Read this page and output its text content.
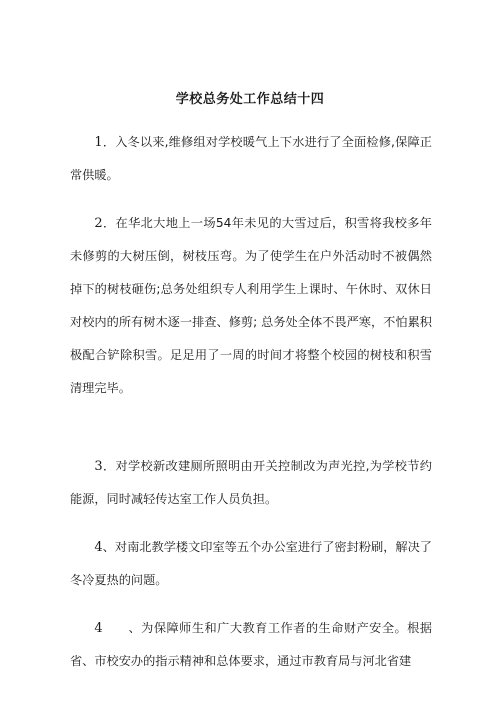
学校总务处工作总结十四

1．入冬以来,维修组对学校暖气上下水进行了全面检修,保障正常供暖。

2．在华北大地上一场54年未见的大雪过后，积雪将我校多年未修剪的大树压倒，树枝压弯。为了使学生在户外活动时不被偶然掉下的树枝砸伤;总务处组织专人利用学生上课时、午休时、双休日对校内的所有树木逐一排查、修剪; 总务处全体不畏严寒，不怕累积极配合铲除积雪。足足用了一周的时间才将整个校园的树枝和积雪清理完毕。

3．对学校新改建厕所照明由开关控制改为声光控,为学校节约能源，同时减轻传达室工作人员负担。

4、对南北教学楼文印室等五个办公室进行了密封粉刷，解决了冬冷夏热的问题。

4　　、为保障师生和广大教育工作者的生命财产安全。根据省、市校安办的指示精神和总体要求，通过市教育局与河北省建
